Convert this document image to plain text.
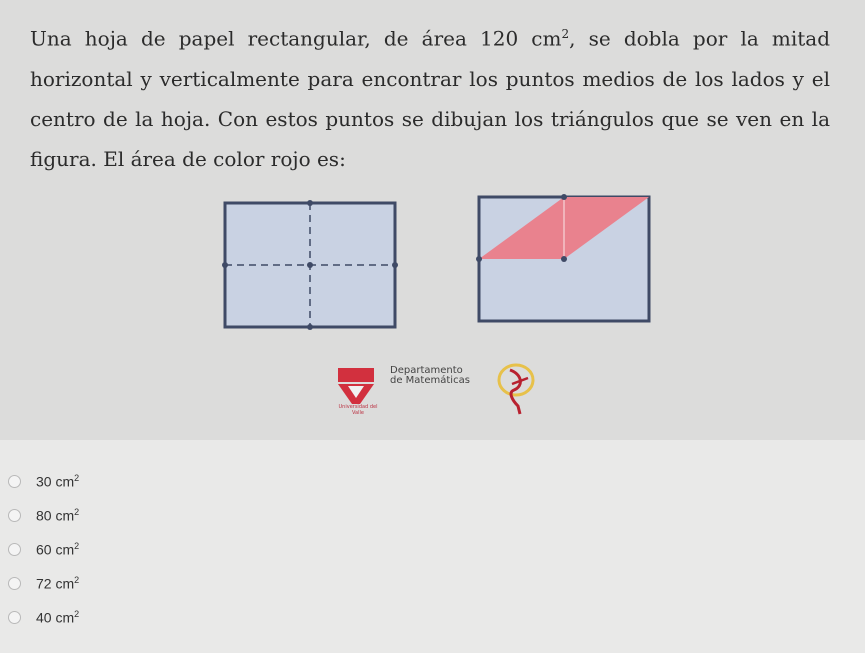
Una hoja de papel rectangular, de área 120 $cm^2$, se dobla por la mitad horizontal y verticalmente para encontrar los puntos medios de los lados y el centro de la hoja. Con estos puntos se dibujan los triángulos que se ven en la figura. El área de color rojo es:
Universidad del Valle
Departamento
de Matemáticas
30 $cm^2$
80 $cm^2$
60 $cm^2$
72 $cm^2$
40 $cm^2$
